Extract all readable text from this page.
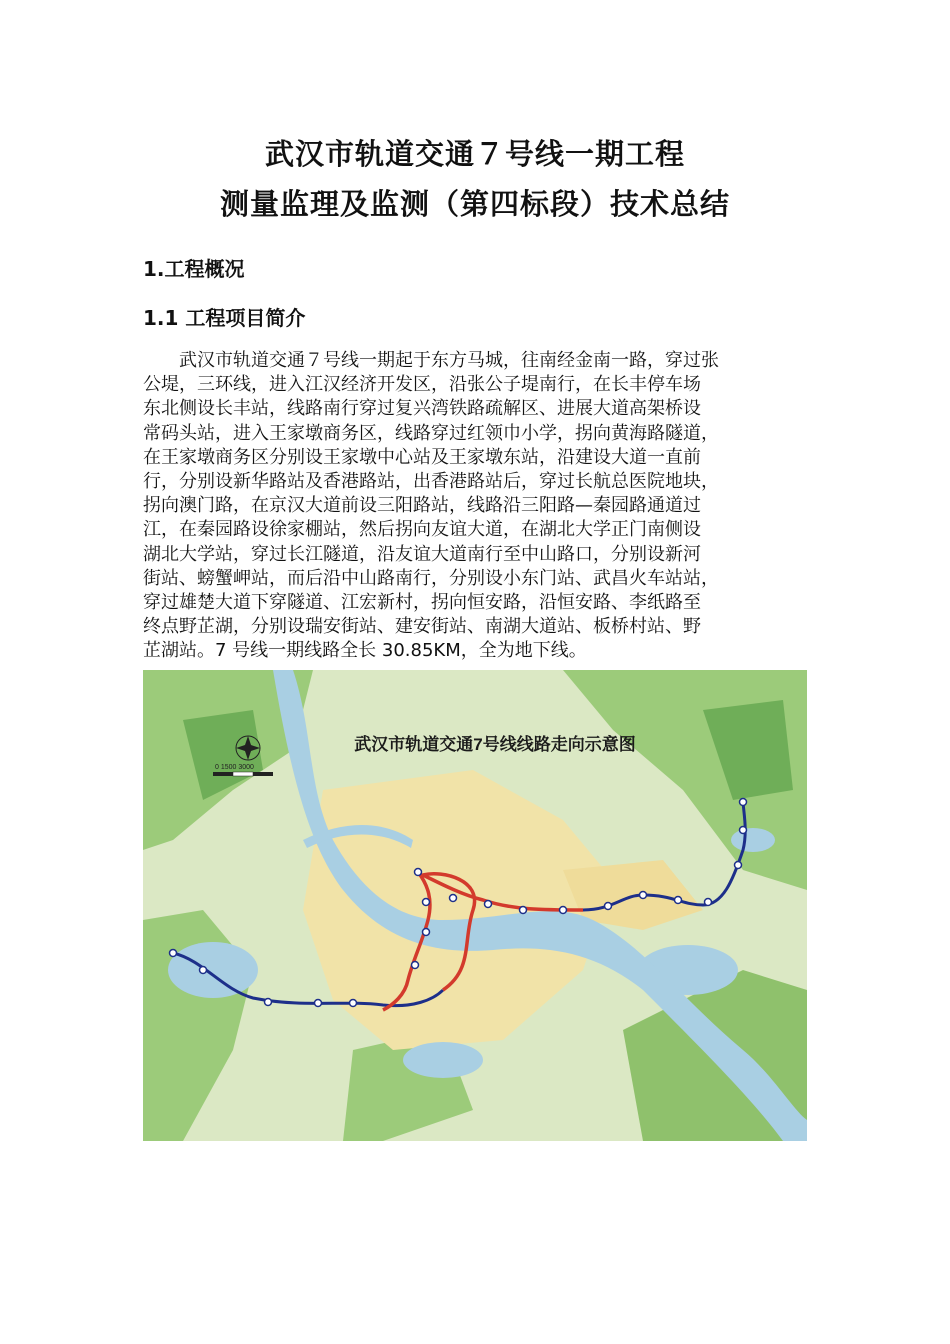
武汉市轨道交通７号线一期工程
测量监理及监测（第四标段）技术总结
1.工程概况
1.1 工程项目简介
　　武汉市轨道交通７号线一期起于东方马城，往南经金南一路，穿过张
公堤，三环线，进入江汉经济开发区，沿张公子堤南行，在长丰停车场
东北侧设长丰站，线路南行穿过复兴湾铁路疏解区、进展大道高架桥设
常码头站，进入王家墩商务区，线路穿过红领巾小学，拐向黄海路隧道，
在王家墩商务区分别设王家墩中心站及王家墩东站，沿建设大道一直前
行，分别设新华路站及香港路站，出香港路站后，穿过长航总医院地块，
拐向澳门路，在京汉大道前设三阳路站，线路沿三阳路—秦园路通道过
江，在秦园路设徐家棚站，然后拐向友谊大道，在湖北大学正门南侧设
湖北大学站，穿过长江隧道，沿友谊大道南行至中山路口，分别设新河
街站、螃蟹岬站，而后沿中山路南行，分别设小东门站、武昌火车站站，
穿过雄楚大道下穿隧道、江宏新村，拐向恒安路，沿恒安路、李纸路至
终点野芷湖，分别设瑞安街站、建安街站、南湖大道站、板桥村站、野
芷湖站。7 号线一期线路全长 30.85KM，全为地下线。
武汉市轨道交通7号线线路走向示意图
0 1500 3000
